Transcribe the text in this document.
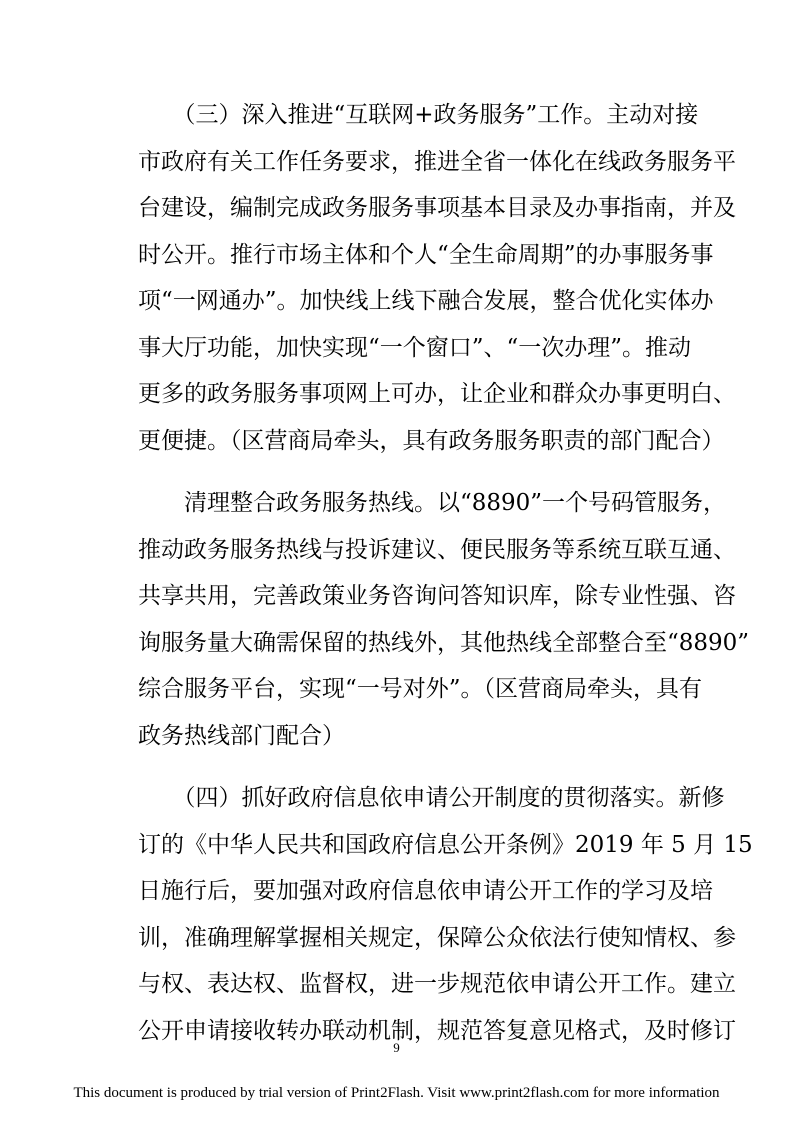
　　（三）深入推进“互联网+政务服务”工作。主动对接
市政府有关工作任务要求，推进全省一体化在线政务服务平
台建设，编制完成政务服务事项基本目录及办事指南，并及
时公开。推行市场主体和个人“全生命周期”的办事服务事
项“一网通办”。加快线上线下融合发展，整合优化实体办
事大厅功能，加快实现“一个窗口”、“一次办理”。推动
更多的政务服务事项网上可办，让企业和群众办事更明白、
更便捷。（区营商局牵头，具有政务服务职责的部门配合）
　　清理整合政务服务热线。以“8890”一个号码管服务，
推动政务服务热线与投诉建议、便民服务等系统互联互通、
共享共用，完善政策业务咨询问答知识库，除专业性强、咨
询服务量大确需保留的热线外，其他热线全部整合至“8890”
综合服务平台，实现“一号对外”。（区营商局牵头，具有
政务热线部门配合）
　　（四）抓好政府信息依申请公开制度的贯彻落实。新修
订的《中华人民共和国政府信息公开条例》2019 年 5 月 15
日施行后，要加强对政府信息依申请公开工作的学习及培
训，准确理解掌握相关规定，保障公众依法行使知情权、参
与权、表达权、监督权，进一步规范依申请公开工作。建立
公开申请接收转办联动机制，规范答复意见格式，及时修订
9
This document is produced by trial version of Print2Flash. Visit www.print2flash.com for more information
